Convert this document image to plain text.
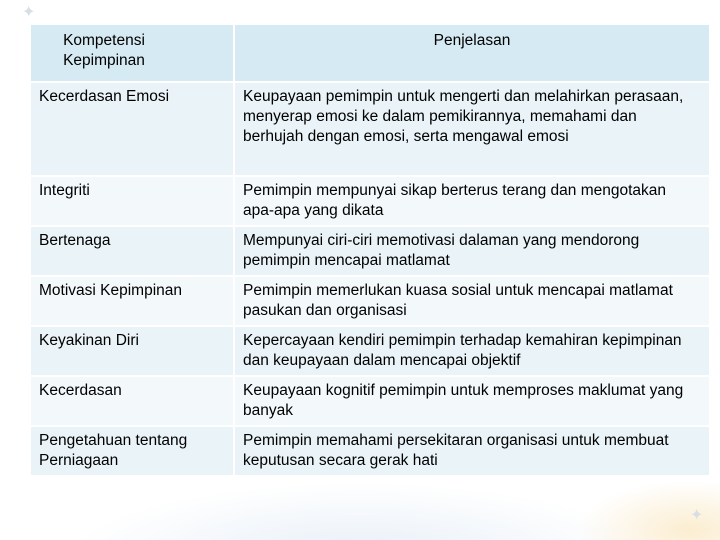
✦
✦
Kompetensi Kepimpinan	Penjelasan
Kecerdasan Emosi	Keupayaan pemimpin untuk mengerti dan melahirkan perasaan, menyerap emosi ke dalam pemikirannya, memahami dan berhujah dengan emosi, serta mengawal emosi
Integriti	Pemimpin mempunyai sikap berterus terang dan mengotakan apa-apa yang dikata
Bertenaga	Mempunyai ciri-ciri memotivasi dalaman yang mendorong pemimpin mencapai matlamat
Motivasi Kepimpinan	Pemimpin memerlukan kuasa sosial untuk mencapai matlamat pasukan dan organisasi
Keyakinan Diri	Kepercayaan kendiri pemimpin terhadap kemahiran kepimpinan dan keupayaan dalam mencapai objektif
Kecerdasan	Keupayaan kognitif pemimpin untuk memproses maklumat yang banyak
Pengetahuan tentang Perniagaan	Pemimpin memahami persekitaran organisasi untuk membuat keputusan secara gerak hati
